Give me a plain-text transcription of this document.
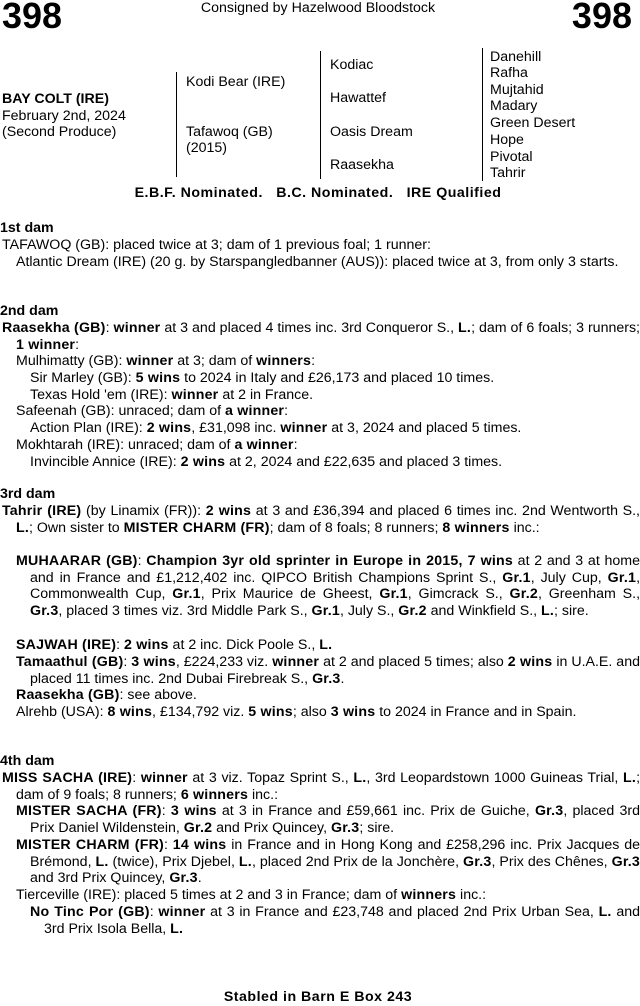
398	Consigned by Hazelwood Bloodstock	398
BAY COLT (IRE)
February 2nd, 2024
(Second Produce)
Kodi Bear (IRE)
Tafawoq (GB)
(2015)
Kodiac
Hawattef
Oasis Dream
Raasekha
Danehill
Rafha
Mujtahid
Madary
Green Desert
Hope
Pivotal
Tahrir
E.B.F. Nominated.   B.C. Nominated.   IRE Qualified
1st dam
TAFAWOQ (GB): placed twice at 3; dam of 1 previous foal; 1 runner:
Atlantic Dream (IRE) (20 g. by Starspangledbanner (AUS)): placed twice at 3, from only 3 starts.
2nd dam
Raasekha (GB): winner at 3 and placed 4 times inc. 3rd Conqueror S., L.; dam of 6 foals; 3 runners; 1 winner:
Mulhimatty (GB): winner at 3; dam of winners:
Sir Marley (GB): 5 wins to 2024 in Italy and £26,173 and placed 10 times.
Texas Hold 'em (IRE): winner at 2 in France.
Safeenah (GB): unraced; dam of a winner:
Action Plan (IRE): 2 wins, £31,098 inc. winner at 3, 2024 and placed 5 times.
Mokhtarah (IRE): unraced; dam of a winner:
Invincible Annice (IRE): 2 wins at 2, 2024 and £22,635 and placed 3 times.
3rd dam
Tahrir (IRE) (by Linamix (FR)): 2 wins at 3 and £36,394 and placed 6 times inc. 2nd Wentworth S., L.; Own sister to MISTER CHARM (FR); dam of 8 foals; 8 runners; 8 winners inc.:
MUHAARAR (GB): Champion 3yr old sprinter in Europe in 2015, 7 wins at 2 and 3 at home and in France and £1,212,402 inc. QIPCO British Champions Sprint S., Gr.1, July Cup, Gr.1, Commonwealth Cup, Gr.1, Prix Maurice de Gheest, Gr.1, Gimcrack S., Gr.2, Greenham S., Gr.3, placed 3 times viz. 3rd Middle Park S., Gr.1, July S., Gr.2 and Winkfield S., L.; sire.
SAJWAH (IRE): 2 wins at 2 inc. Dick Poole S., L.
Tamaathul (GB): 3 wins, £224,233 viz. winner at 2 and placed 5 times; also 2 wins in U.A.E. and placed 11 times inc. 2nd Dubai Firebreak S., Gr.3.
Raasekha (GB): see above.
Alrehb (USA): 8 wins, £134,792 viz. 5 wins; also 3 wins to 2024 in France and in Spain.
4th dam
MISS SACHA (IRE): winner at 3 viz. Topaz Sprint S., L., 3rd Leopardstown 1000 Guineas Trial, L.; dam of 9 foals; 8 runners; 6 winners inc.:
MISTER SACHA (FR): 3 wins at 3 in France and £59,661 inc. Prix de Guiche, Gr.3, placed 3rd Prix Daniel Wildenstein, Gr.2 and Prix Quincey, Gr.3; sire.
MISTER CHARM (FR): 14 wins in France and in Hong Kong and £258,296 inc. Prix Jacques de Brémond, L. (twice), Prix Djebel, L., placed 2nd Prix de la Jonchère, Gr.3, Prix des Chênes, Gr.3 and 3rd Prix Quincey, Gr.3.
Tierceville (IRE): placed 5 times at 2 and 3 in France; dam of winners inc.:
No Tinc Por (GB): winner at 3 in France and £23,748 and placed 2nd Prix Urban Sea, L. and 3rd Prix Isola Bella, L.
Stabled in Barn E Box 243
